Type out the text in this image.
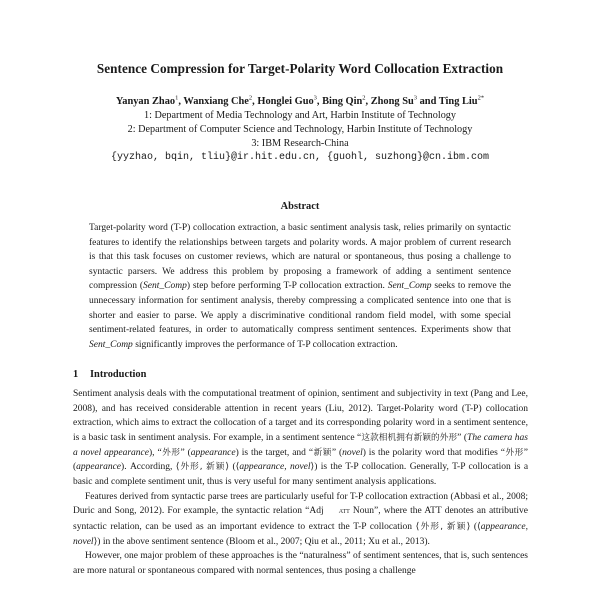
Sentence Compression for Target-Polarity Word Collocation Extraction
Yanyan Zhao$^1$, Wanxiang Che$^2$, Honglei Guo$^3$, Bing Qin$^2$, Zhong Su$^3$ and Ting Liu$^{2*}$
1: Department of Media Technology and Art, Harbin Institute of Technology
2: Department of Computer Science and Technology, Harbin Institute of Technology
3: IBM Research-China
{yyzhao, bqin, tliu}@ir.hit.edu.cn, {guohl, suzhong}@cn.ibm.com
Abstract

Target-polarity word (T-P) collocation extraction, a basic sentiment analysis task, relies primarily on syntactic features to identify the relationships between targets and polarity words. A major problem of current research is that this task focuses on customer reviews, which are natural or spontaneous, thus posing a challenge to syntactic parsers. We address this problem by proposing a framework of adding a sentiment sentence compression (Sent_Comp) step before performing T-P collocation extraction. Sent_Comp seeks to remove the unnecessary information for sentiment analysis, thereby compressing a complicated sentence into one that is shorter and easier to parse. We apply a discriminative conditional random field model, with some special sentiment-related features, in order to automatically compress sentiment sentences. Experiments show that Sent_Comp significantly improves the performance of T-P collocation extraction.

1 Introduction

Sentiment analysis deals with the computational treatment of opinion, sentiment and subjectivity in text (Pang and Lee, 2008), and has received considerable attention in recent years (Liu, 2012). Target-Polarity word (T-P) collocation extraction, which aims to extract the collocation of a target and its corresponding polarity word in a sentiment sentence, is a basic task in sentiment analysis. For example, in a sentiment sentence “这款相机拥有新颖的外形” (The camera has a novel appearance), “外形” (appearance) is the target, and “新颖” (novel) is the polarity word that modifies “外形” (appearance). According, ⟨外形, 新颖⟩ (⟨appearance, novel⟩) is the T-P collocation. Generally, T-P collocation is a basic and complete sentiment unit, thus is very useful for many sentiment analysis applications.

Features derived from syntactic parse trees are particularly useful for T-P collocation extraction (Abbasi et al., 2008; Duric and Song, 2012). For example, the syntactic relation “Adj ATT Noun”, where the ATT denotes an attributive syntactic relation, can be used as an important evidence to extract the T-P collocation ⟨外形, 新颖⟩ (⟨appearance, novel⟩) in the above sentiment sentence (Bloom et al., 2007; Qiu et al., 2011; Xu et al., 2013).

However, one major problem of these approaches is the “naturalness” of sentiment sentences, that is, such sentences are more natural or spontaneous compared with normal sentences, thus posing a challenge
